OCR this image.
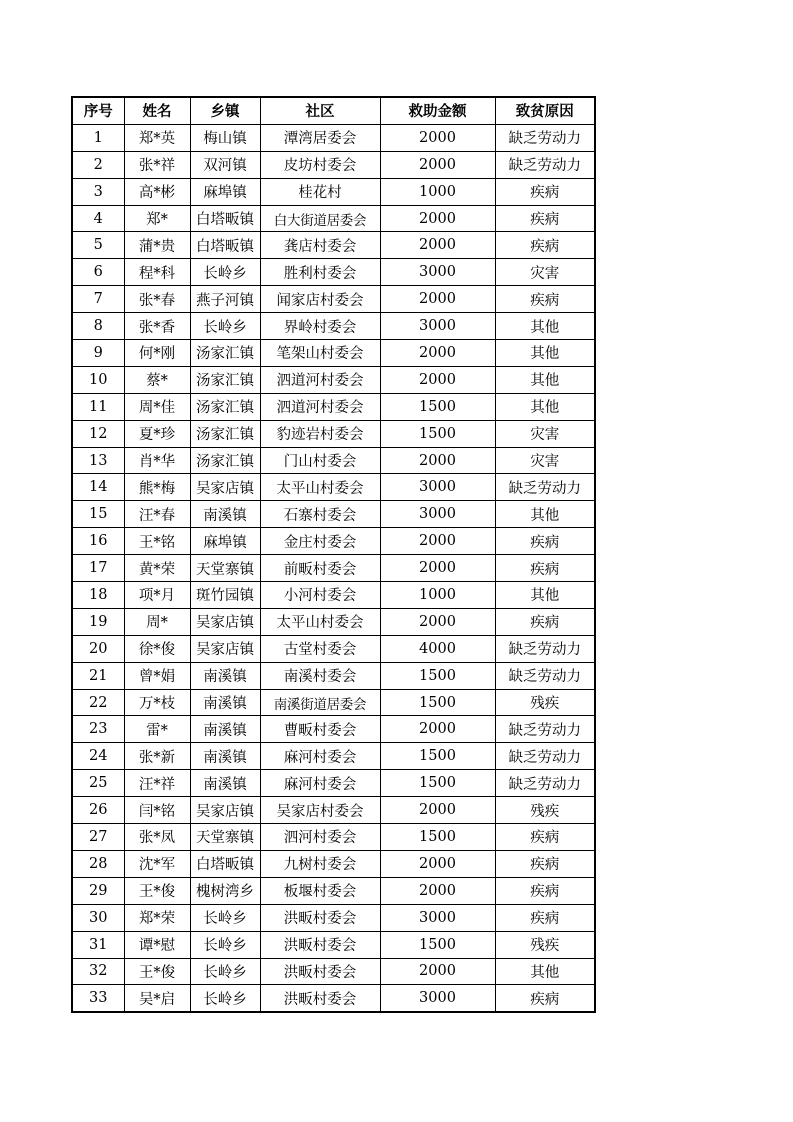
序号	姓名	乡镇	社区	救助金额	致贫原因
1	郑*英	梅山镇	潭湾居委会	2000	缺乏劳动力
2	张*祥	双河镇	皮坊村委会	2000	缺乏劳动力
3	高*彬	麻埠镇	桂花村	1000	疾病
4	郑*	白塔畈镇	白大街道居委会	2000	疾病
5	蒲*贵	白塔畈镇	龚店村委会	2000	疾病
6	程*科	长岭乡	胜利村委会	3000	灾害
7	张*春	燕子河镇	闻家店村委会	2000	疾病
8	张*香	长岭乡	界岭村委会	3000	其他
9	何*刚	汤家汇镇	笔架山村委会	2000	其他
10	蔡*	汤家汇镇	泗道河村委会	2000	其他
11	周*佳	汤家汇镇	泗道河村委会	1500	其他
12	夏*珍	汤家汇镇	豹迹岩村委会	1500	灾害
13	肖*华	汤家汇镇	门山村委会	2000	灾害
14	熊*梅	吴家店镇	太平山村委会	3000	缺乏劳动力
15	汪*春	南溪镇	石寨村委会	3000	其他
16	王*铭	麻埠镇	金庄村委会	2000	疾病
17	黄*荣	天堂寨镇	前畈村委会	2000	疾病
18	项*月	斑竹园镇	小河村委会	1000	其他
19	周*	吴家店镇	太平山村委会	2000	疾病
20	徐*俊	吴家店镇	古堂村委会	4000	缺乏劳动力
21	曾*娟	南溪镇	南溪村委会	1500	缺乏劳动力
22	万*枝	南溪镇	南溪街道居委会	1500	残疾
23	雷*	南溪镇	曹畈村委会	2000	缺乏劳动力
24	张*新	南溪镇	麻河村委会	1500	缺乏劳动力
25	汪*祥	南溪镇	麻河村委会	1500	缺乏劳动力
26	闫*铭	吴家店镇	吴家店村委会	2000	残疾
27	张*凤	天堂寨镇	泗河村委会	1500	疾病
28	沈*军	白塔畈镇	九树村委会	2000	疾病
29	王*俊	槐树湾乡	板堰村委会	2000	疾病
30	郑*荣	长岭乡	洪畈村委会	3000	疾病
31	谭*慰	长岭乡	洪畈村委会	1500	残疾
32	王*俊	长岭乡	洪畈村委会	2000	其他
33	吴*启	长岭乡	洪畈村委会	3000	疾病
